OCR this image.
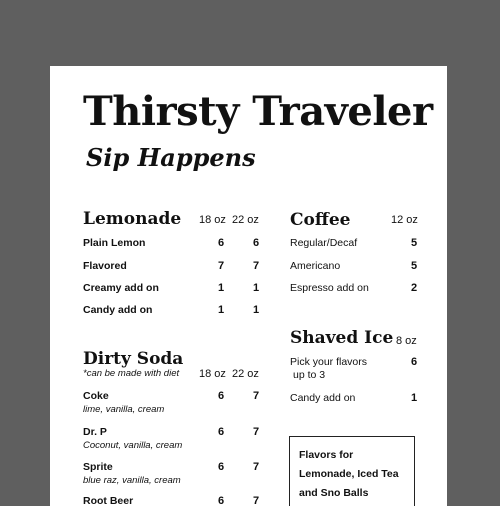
Thirsty Traveler
Sip Happens
Lemonade 18 oz 22 oz
Plain Lemon	6	6
Flavored	7	7
Creamy add on	1	1
Candy add on	1	1
Dirty Soda
*can be made with diet 18 oz 22 oz
Coke
lime, vanilla, cream
6	7
Dr. P
Coconut, vanilla, cream
6	7
Sprite
blue raz, vanilla, cream
6	7
Root Beer	6	7
Coffee	12 oz
Regular/Decaf	5
Americano	5
Espresso add on	2
Shaved Ice 8 oz
Pick your flavors
up to 3
6
Candy add on	1
Flavors for
Lemonade, Iced Tea
and Sno Balls
